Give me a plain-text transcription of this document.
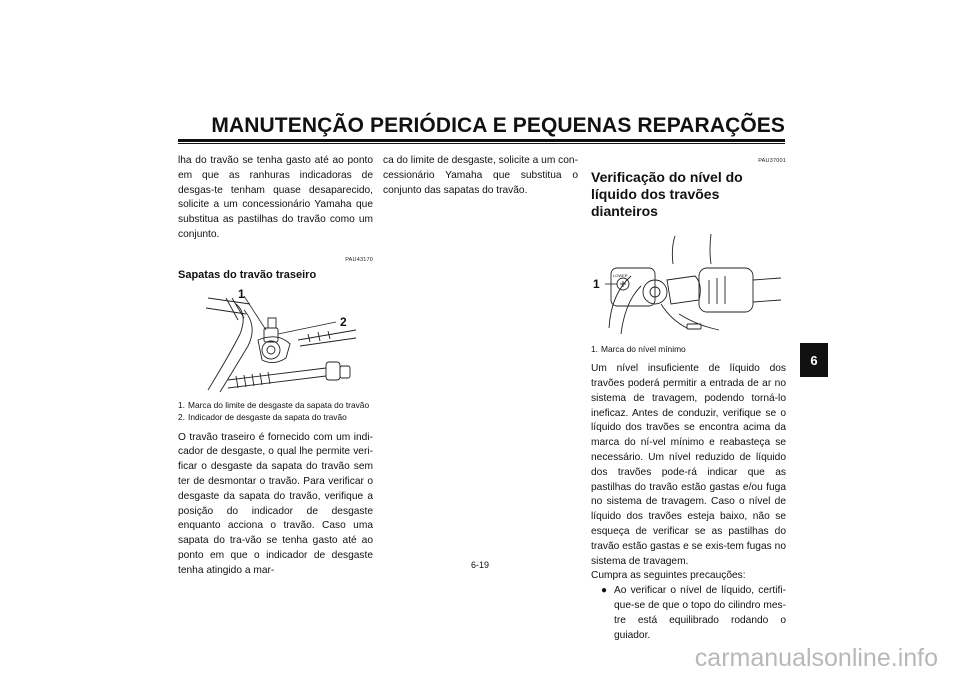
MANUTENÇÃO PERIÓDICA E PEQUENAS REPARAÇÕES
6

lha do travão se tenha gasto até ao ponto em que as ranhuras indicadoras de desgas-te tenham quase desaparecido, solicite a um concessionário Yamaha que substitua as pastilhas do travão como um conjunto.

PAU43170
Sapatas do travão traseiro
1
2
1. Marca do limite de desgaste da sapata do travão
2. Indicador de desgaste da sapata do travão

O travão traseiro é fornecido com um indi-cador de desgaste, o qual lhe permite veri-ficar o desgaste da sapata do travão sem ter de desmontar o travão. Para verificar o desgaste da sapata do travão, verifique a posição do indicador de desgaste enquanto acciona o travão. Caso uma sapata do tra-vão se tenha gasto até ao ponto em que o indicador de desgaste tenha atingido a mar-

ca do limite de desgaste, solicite a um con-cessionário Yamaha que substitua o conjunto das sapatas do travão.

PAU37001
Verificação do nível do líquido dos travões dianteiros
LOWER
1
1. Marca do nível mínimo

Um nível insuficiente de líquido dos travões poderá permitir a entrada de ar no sistema de travagem, podendo torná-lo ineficaz. Antes de conduzir, verifique se o líquido dos travões se encontra acima da marca do ní-vel mínimo e reabasteça se necessário. Um nível reduzido de líquido dos travões pode-rá indicar que as pastilhas do travão estão gastas e/ou fuga no sistema de travagem. Caso o nível de líquido dos travões esteja baixo, não se esqueça de verificar se as pastilhas do travão estão gastas e se exis-tem fugas no sistema de travagem.

Cumpra as seguintes precauções:

● Ao verificar o nível de líquido, certifi-que-se de que o topo do cilindro mes-tre está equilibrado rodando o guiador.

6-19
carmanualsonline.info
